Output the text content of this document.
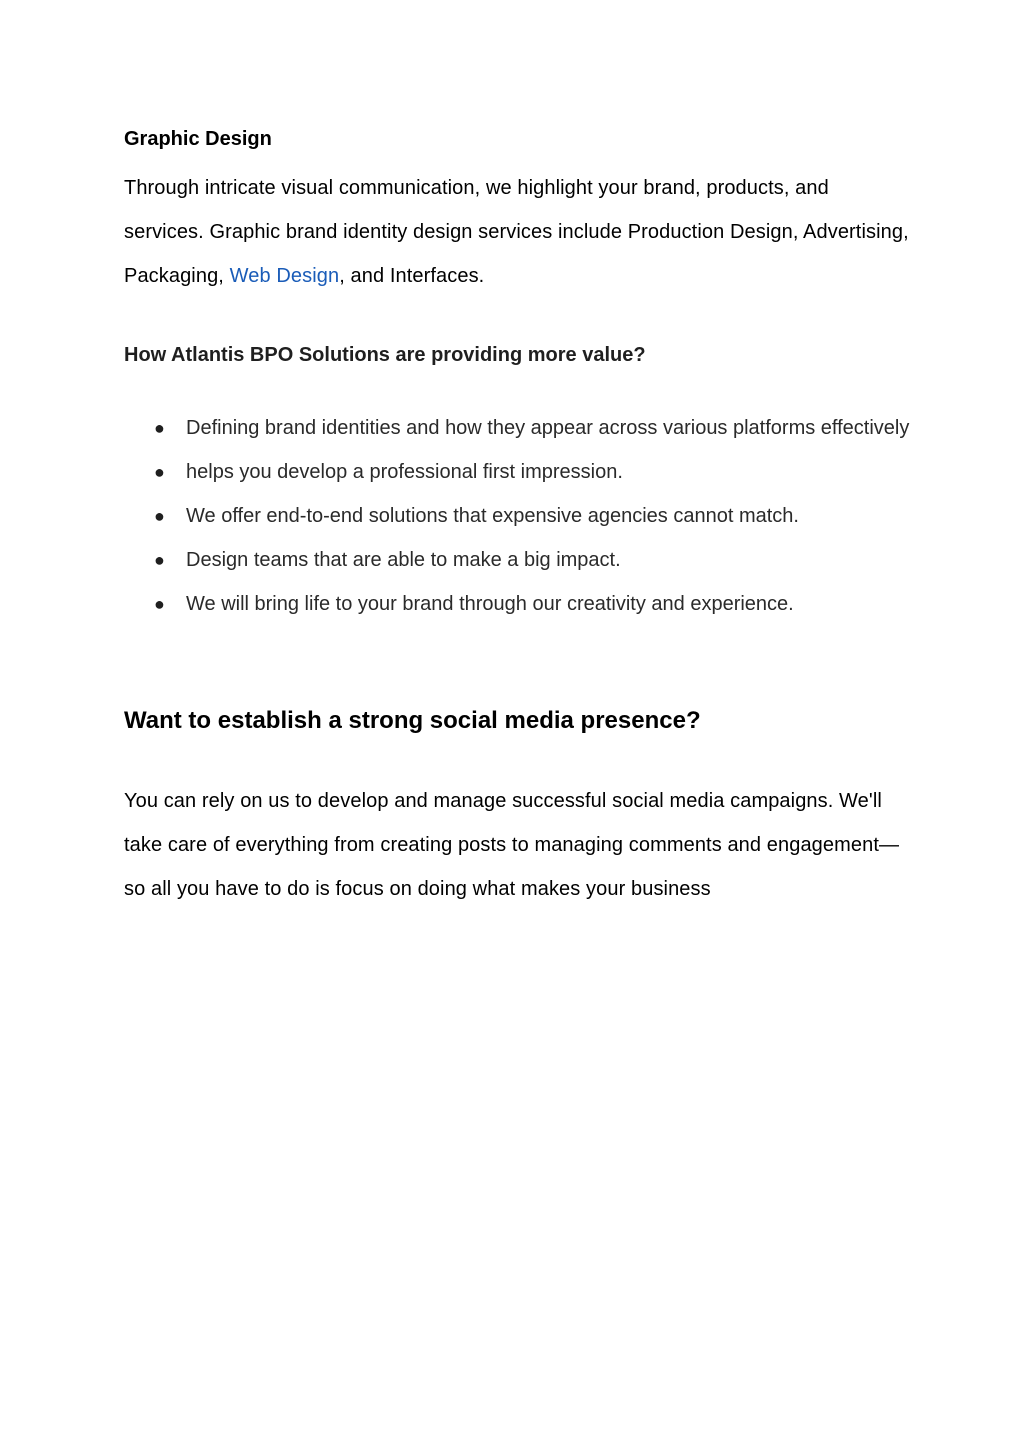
Graphic Design

Through intricate visual communication, we highlight your brand, products, and services. Graphic brand identity design services include Production Design, Advertising, Packaging, Web Design, and Interfaces.

How Atlantis BPO Solutions are providing more value?
● Defining brand identities and how they appear across various platforms effectively
● helps you develop a professional first impression.
● We offer end-to-end solutions that expensive agencies cannot match.
● Design teams that are able to make a big impact.
● We will bring life to your brand through our creativity and experience.
Want to establish a strong social media presence?

You can rely on us to develop and manage successful social media campaigns. We'll take care of everything from creating posts to managing comments and engagement—so all you have to do is focus on doing what makes your business
